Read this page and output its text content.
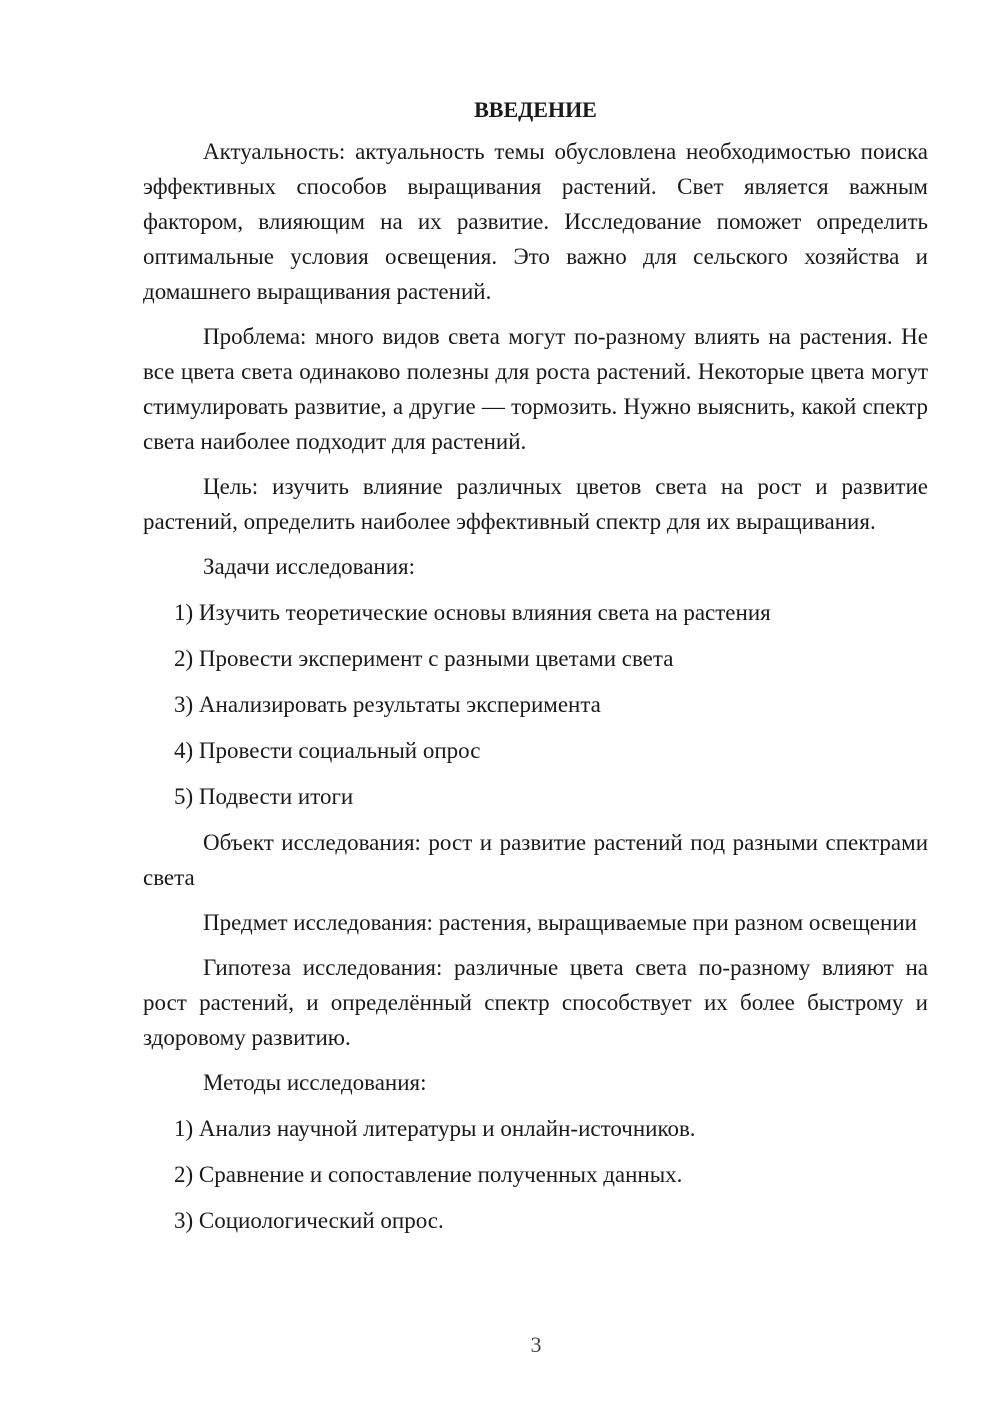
ВВЕДЕНИЕ

Актуальность: актуальность темы обусловлена необходимостью поиска эффективных способов выращивания растений. Свет является важным фактором, влияющим на их развитие. Исследование поможет определить оптимальные условия освещения. Это важно для сельского хозяйства и домашнего выращивания растений.

Проблема: много видов света могут по-разному влиять на растения. Не все цвета света одинаково полезны для роста растений. Некоторые цвета могут стимулировать развитие, а другие — тормозить. Нужно выяснить, какой спектр света наиболее подходит для растений.

Цель: изучить влияние различных цветов света на рост и развитие растений, определить наиболее эффективный спектр для их выращивания.

Задачи исследования:

1) Изучить теоретические основы влияния света на растения
2) Провести эксперимент с разными цветами света
3) Анализировать результаты эксперимента
4) Провести социальный опрос
5) Подвести итоги

Объект исследования: рост и развитие растений под разными спектрами света

Предмет исследования: растения, выращиваемые при разном освещении

Гипотеза исследования: различные цвета света по-разному влияют на рост растений, и определённый спектр способствует их более быстрому и здоровому развитию.

Методы исследования:

1) Анализ научной литературы и онлайн-источников.
2) Сравнение и сопоставление полученных данных.
3) Социологический опрос.
3
